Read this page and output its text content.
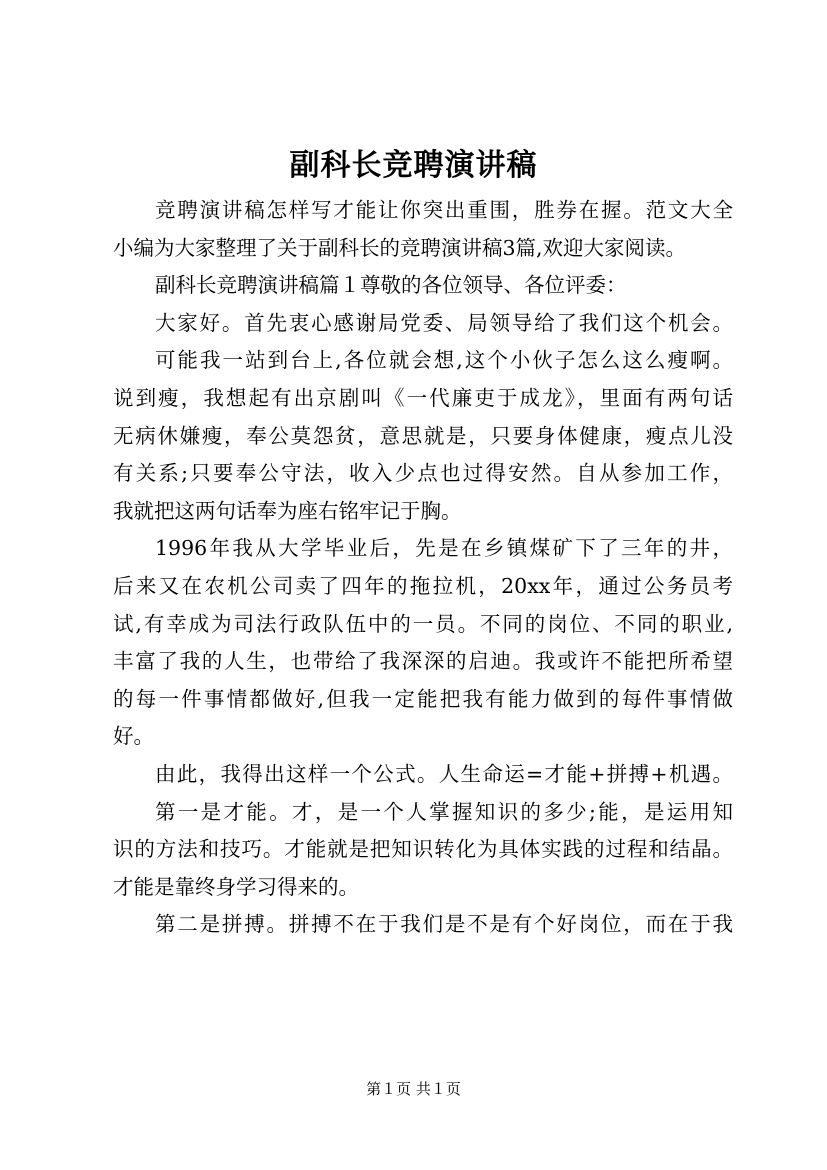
副科长竞聘演讲稿
竞聘演讲稿怎样写才能让你突出重围，胜券在握。范文大全
小编为大家整理了关于副科长的竞聘演讲稿3篇,欢迎大家阅读。
副科长竞聘演讲稿篇１尊敬的各位领导、各位评委：
大家好。首先衷心感谢局党委、局领导给了我们这个机会。
可能我一站到台上,各位就会想,这个小伙子怎么这么瘦啊。
说到瘦，我想起有出京剧叫《一代廉吏于成龙》，里面有两句话
无病休嫌瘦，奉公莫怨贫，意思就是，只要身体健康，瘦点儿没
有关系;只要奉公守法，收入少点也过得安然。自从参加工作，
我就把这两句话奉为座右铭牢记于胸。
1996年我从大学毕业后，先是在乡镇煤矿下了三年的井，
后来又在农机公司卖了四年的拖拉机，20xx年，通过公务员考
试,有幸成为司法行政队伍中的一员。不同的岗位、不同的职业,
丰富了我的人生，也带给了我深深的启迪。我或许不能把所希望
的每一件事情都做好,但我一定能把我有能力做到的每件事情做
好。
由此，我得出这样一个公式。人生命运=才能+拼搏+机遇。
第一是才能。才，是一个人掌握知识的多少;能，是运用知
识的方法和技巧。才能就是把知识转化为具体实践的过程和结晶。
才能是靠终身学习得来的。
第二是拼搏。拼搏不在于我们是不是有个好岗位，而在于我
第１页 共１页
